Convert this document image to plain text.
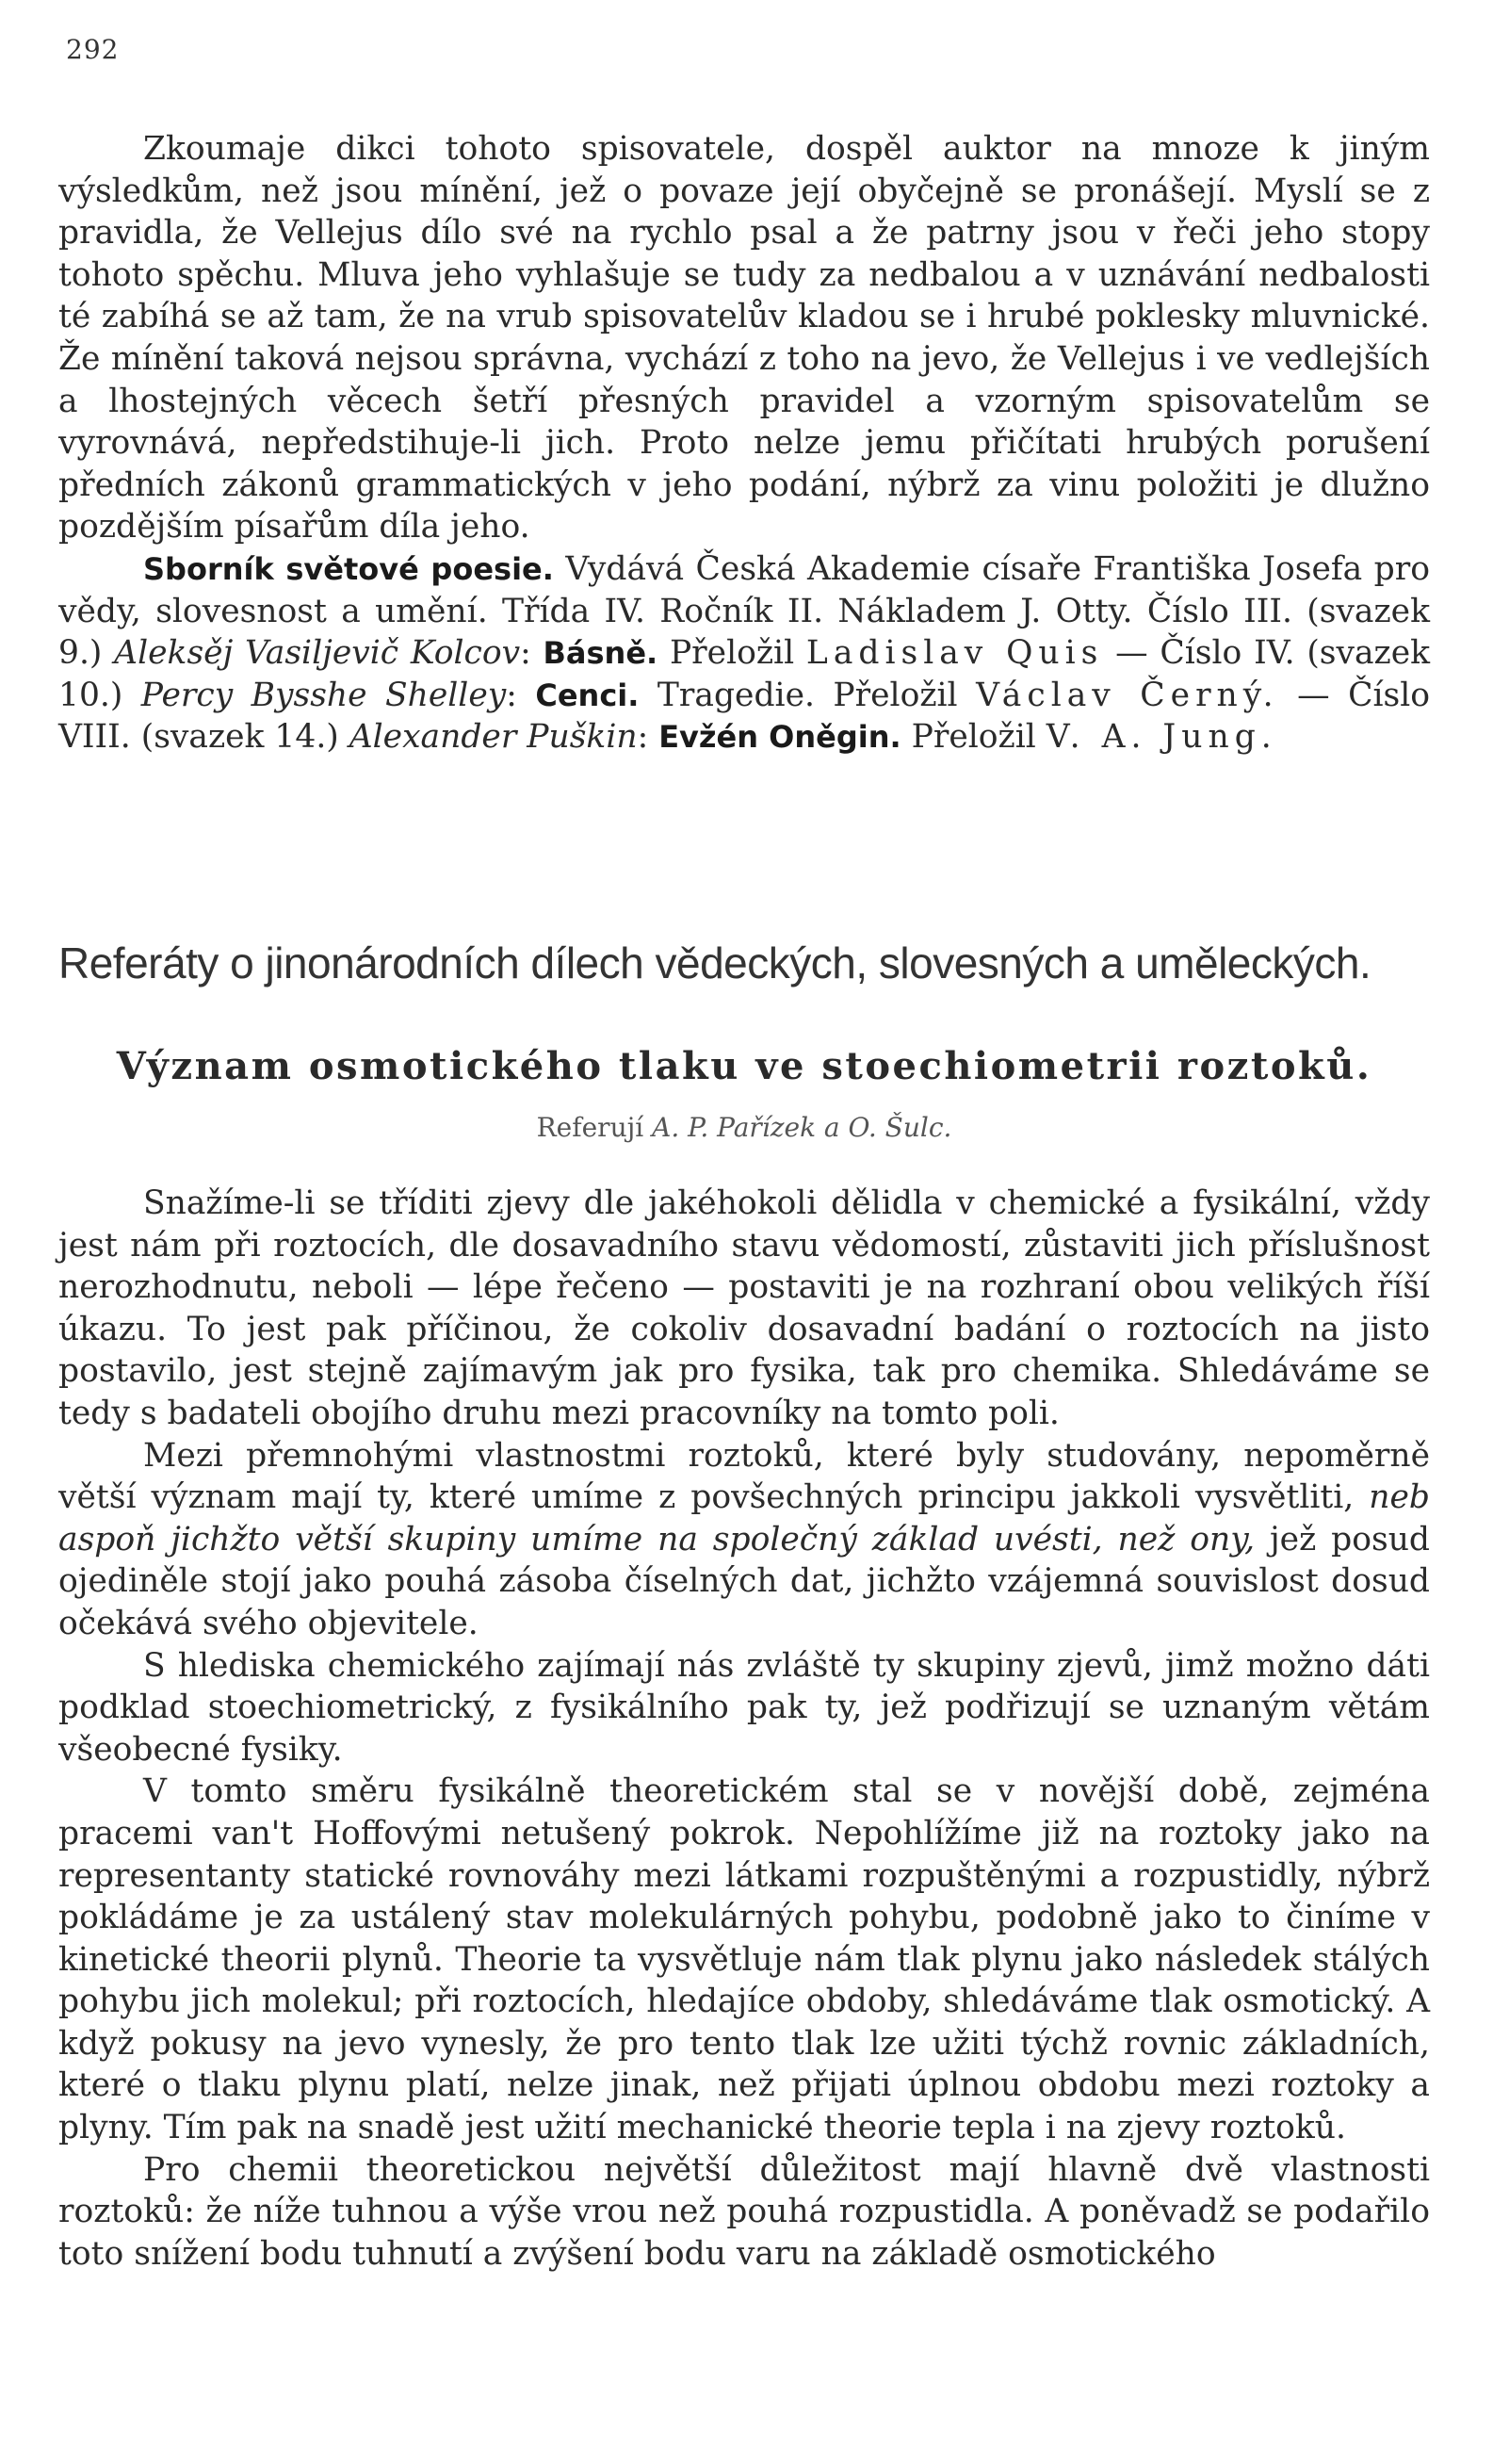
292

Zkoumaje dikci tohoto spisovatele, dospěl auktor na mnoze k jiným výsledkům, než jsou mínění, jež o povaze její obyčejně se pronášejí. Myslí se z pravidla, že Vellejus dílo své na rychlo psal a že patrny jsou v řeči jeho stopy tohoto spěchu. Mluva jeho vyhlašuje se tudy za nedbalou a v uznávání nedbalosti té zabíhá se až tam, že na vrub spisovatelův kladou se i hrubé poklesky mluvnické. Že mínění taková nejsou správna, vychází z toho na jevo, že Vellejus i ve vedlejších a lhostejných věcech šetří přesných pravidel a vzorným spisovatelům se vyrovnává, nepředstihuje-li jich. Proto nelze jemu přičítati hrubých porušení předních zákonů grammatických v jeho podání, nýbrž za vinu položiti je dlužno pozdějším písařům díla jeho.

Sborník světové poesie. Vydává Česká Akademie císaře Františka Josefa pro vědy, slovesnost a umění. Třída IV. Ročník II. Nákladem J. Otty. Číslo III. (svazek 9.) Aleksěj Vasiljevič Kolcov: Básně. Přeložil Ladislav Quis — Číslo IV. (svazek 10.) Percy Bysshe Shelley: Cenci. Tragedie. Přeložil Václav Černý. — Číslo VIII. (svazek 14.) Alexander Puškin: Evžén Oněgin. Přeložil V. A. Jung.

Referáty o jinonárodních dílech vědeckých, slovesných a uměleckých.
Význam osmotického tlaku ve stoechiometrii roztoků.
Referují A. P. Pařízek a O. Šulc.

Snažíme-li se tříditi zjevy dle jakéhokoli dělidla v chemické a fysikální, vždy jest nám při roztocích, dle dosavadního stavu vědomostí, zůstaviti jich příslušnost nerozhodnutu, neboli — lépe řečeno — postaviti je na rozhraní obou velikých říší úkazu. To jest pak příčinou, že cokoliv dosavadní badání o roztocích na jisto postavilo, jest stejně zajímavým jak pro fysika, tak pro chemika. Shledáváme se tedy s badateli obojího druhu mezi pracovníky na tomto poli.

Mezi přemnohými vlastnostmi roztoků, které byly studovány, nepoměrně větší význam mají ty, které umíme z povšechných principu jakkoli vysvětliti, neb aspoň jichžto větší skupiny umíme na společný základ uvésti, než ony, jež posud ojediněle stojí jako pouhá zásoba číselných dat, jichžto vzájemná souvislost dosud očekává svého objevitele.

S hlediska chemického zajímají nás zvláště ty skupiny zjevů, jimž možno dáti podklad stoechiometrický, z fysikálního pak ty, jež podřizují se uznaným větám všeobecné fysiky.

V tomto směru fysikálně theoretickém stal se v novější době, zejména pracemi van't Hoffovými netušený pokrok. Nepohlížíme již na roztoky jako na representanty statické rovnováhy mezi látkami rozpuštěnými a rozpustidly, nýbrž pokládáme je za ustálený stav molekulárných pohybu, podobně jako to činíme v kinetické theorii plynů. Theorie ta vysvětluje nám tlak plynu jako následek stálých pohybu jich molekul; při roztocích, hledajíce obdoby, shledáváme tlak osmotický. A když pokusy na jevo vynesly, že pro tento tlak lze užiti týchž rovnic základních, které o tlaku plynu platí, nelze jinak, než přijati úplnou obdobu mezi roztoky a plyny. Tím pak na snadě jest užití mechanické theorie tepla i na zjevy roztoků.

Pro chemii theoretickou největší důležitost mají hlavně dvě vlastnosti roztoků: že níže tuhnou a výše vrou než pouhá rozpustidla. A poněvadž se podařilo toto snížení bodu tuhnutí a zvýšení bodu varu na základě osmotického
